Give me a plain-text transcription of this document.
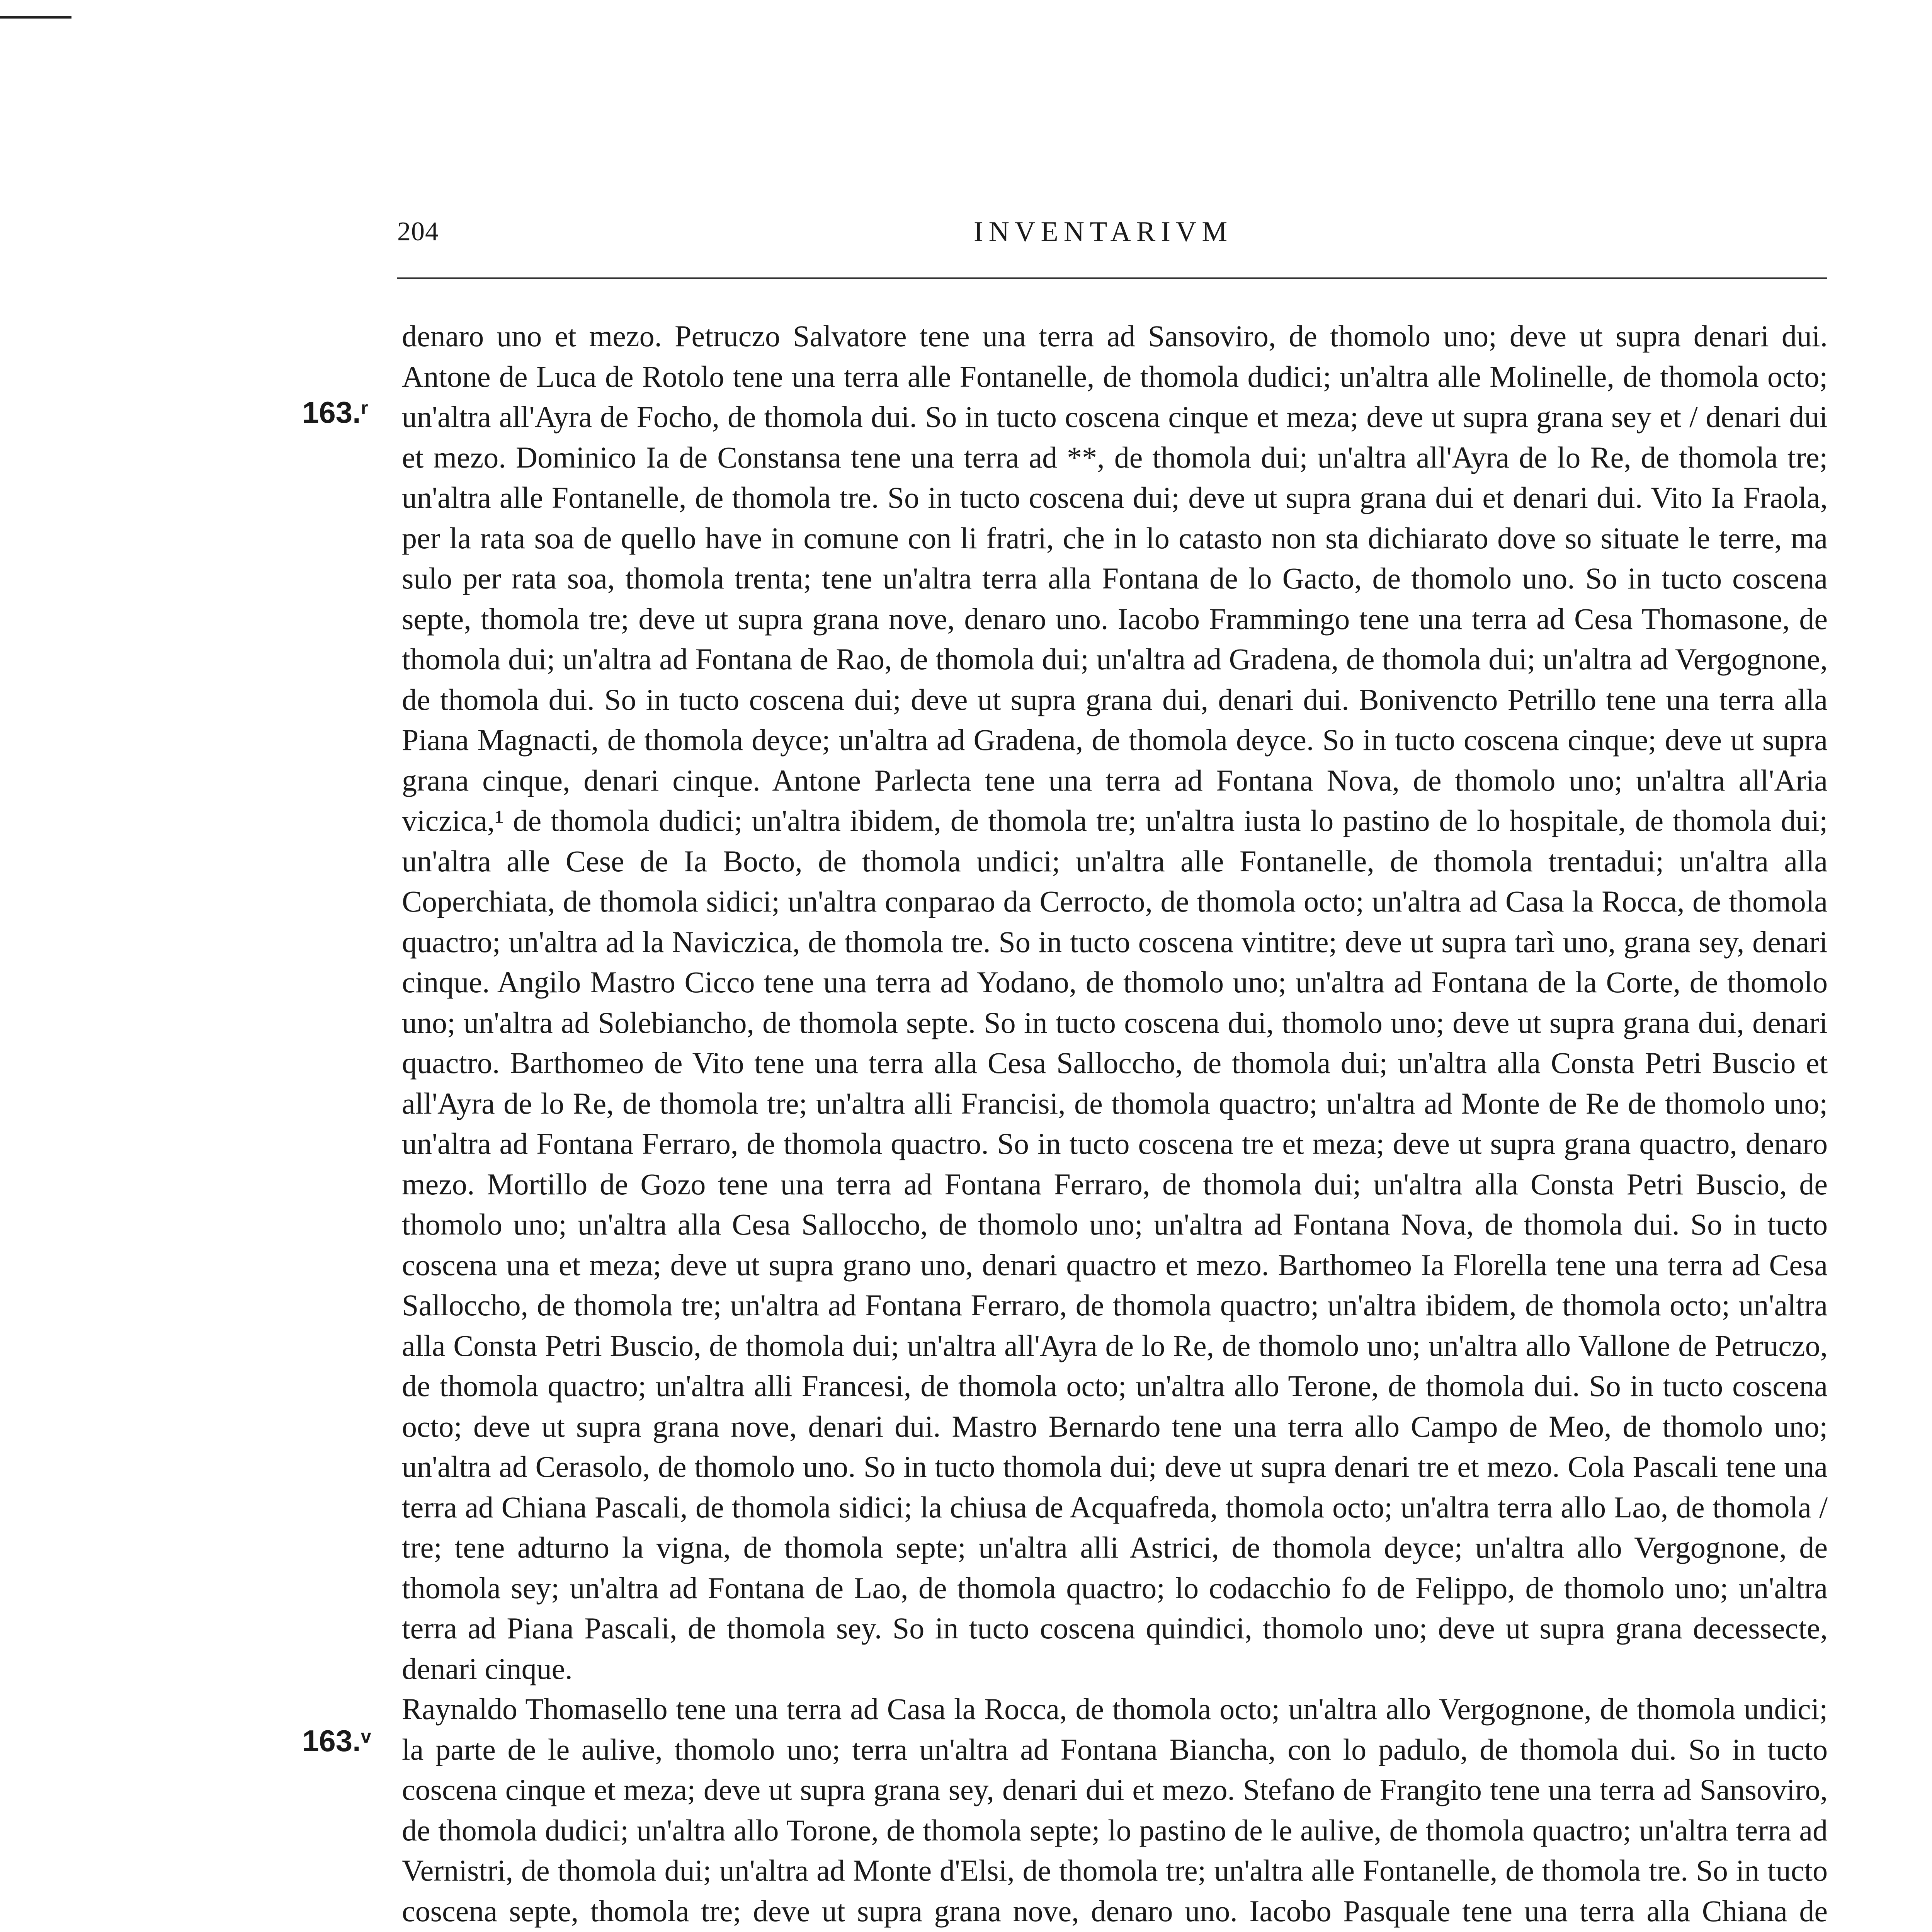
204	INVENTARIVM
163.$^r$
163.$^v$

denaro uno et mezo. Petruczo Salvatore tene una terra ad Sansoviro, de thomolo uno; deve ut supra denari dui. Antone de Luca de Rotolo tene una terra alle Fontanelle, de thomola dudici; un'altra alle Molinelle, de thomola octo; un'altra all'Ayra de Focho, de thomola dui. So in tucto coscena cinque et meza; deve ut supra grana sey et / denari dui et mezo. Dominico Ia de Constansa tene una terra ad **, de thomola dui; un'altra all'Ayra de lo Re, de thomola tre; un'altra alle Fontanelle, de thomola tre. So in tucto coscena dui; deve ut supra grana dui et denari dui. Vito Ia Fraola, per la rata soa de quello have in comune con li fratri, che in lo catasto non sta dichiarato dove so situate le terre, ma sulo per rata soa, thomola trenta; tene un'altra terra alla Fontana de lo Gacto, de thomolo uno. So in tucto coscena septe, thomola tre; deve ut supra grana nove, denaro uno. Iacobo Frammingo tene una terra ad Cesa Thomasone, de thomola dui; un'altra ad Fontana de Rao, de thomola dui; un'altra ad Gradena, de thomola dui; un'altra ad Vergognone, de thomola dui. So in tucto coscena dui; deve ut supra grana dui, denari dui. Bonivencto Petrillo tene una terra alla Piana Magnacti, de thomola deyce; un'altra ad Gradena, de thomola deyce. So in tucto coscena cinque; deve ut supra grana cinque, denari cinque. Antone Parlecta tene una terra ad Fontana Nova, de thomolo uno; un'altra all'Aria viczica,¹ de thomola dudici; un'altra ibidem, de thomola tre; un'altra iusta lo pastino de lo hospitale, de thomola dui; un'altra alle Cese de Ia Bocto, de thomola undici; un'altra alle Fontanelle, de thomola trentadui; un'altra alla Coperchiata, de thomola sidici; un'altra conparao da Cerrocto, de thomola octo; un'altra ad Casa la Rocca, de thomola quactro; un'altra ad la Naviczica, de thomola tre. So in tucto coscena vintitre; deve ut supra tarì uno, grana sey, denari cinque. Angilo Mastro Cicco tene una terra ad Yodano, de thomolo uno; un'altra ad Fontana de la Corte, de thomolo uno; un'altra ad Solebiancho, de thomola septe. So in tucto coscena dui, thomolo uno; deve ut supra grana dui, denari quactro. Barthomeo de Vito tene una terra alla Cesa Salloccho, de thomola dui; un'altra alla Consta Petri Buscio et all'Ayra de lo Re, de thomola tre; un'altra alli Francisi, de thomola quactro; un'altra ad Monte de Re de thomolo uno; un'altra ad Fontana Ferraro, de thomola quactro. So in tucto coscena tre et meza; deve ut supra grana quactro, denaro mezo. Mortillo de Gozo tene una terra ad Fontana Ferraro, de thomola dui; un'altra alla Consta Petri Buscio, de thomolo uno; un'altra alla Cesa Salloccho, de thomolo uno; un'altra ad Fontana Nova, de thomola dui. So in tucto coscena una et meza; deve ut supra grano uno, denari quactro et mezo. Barthomeo Ia Florella tene una terra ad Cesa Salloccho, de thomola tre; un'altra ad Fontana Ferraro, de thomola quactro; un'altra ibidem, de thomola octo; un'altra alla Consta Petri Buscio, de thomola dui; un'altra all'Ayra de lo Re, de thomolo uno; un'altra allo Vallone de Petruczo, de thomola quactro; un'altra alli Francesi, de thomola octo; un'altra allo Terone, de thomola dui. So in tucto coscena octo; deve ut supra grana nove, denari dui. Mastro Bernardo tene una terra allo Campo de Meo, de thomolo uno; un'altra ad Cerasolo, de thomolo uno. So in tucto thomola dui; deve ut supra denari tre et mezo. Cola Pascali tene una terra ad Chiana Pascali, de thomola sidici; la chiusa de Acquafreda, thomola octo; un'altra terra allo Lao, de thomola / tre; tene adturno la vigna, de thomola septe; un'altra alli Astrici, de thomola deyce; un'altra allo Vergognone, de thomola sey; un'altra ad Fontana de Lao, de thomola quactro; lo codacchio fo de Felippo, de thomolo uno; un'altra terra ad Piana Pascali, de thomola sey. So in tucto coscena quindici, thomolo uno; deve ut supra grana decessecte, denari cinque.

Raynaldo Thomasello tene una terra ad Casa la Rocca, de thomola octo; un'altra allo Vergognone, de thomola undici; la parte de le aulive, thomolo uno; terra un'altra ad Fontana Biancha, con lo padulo, de thomola dui. So in tucto coscena cinque et meza; deve ut supra grana sey, denari dui et mezo. Stefano de Frangito tene una terra ad Sansoviro, de thomola dudici; un'altra allo Torone, de thomola septe; lo pastino de le aulive, de thomola quactro; un'altra terra ad Vernistri, de thomola dui; un'altra ad Monte d'Elsi, de thomola tre; un'altra alle Fontanelle, de thomola tre. So in tucto coscena septe, thomola tre; deve ut supra grana nove, denaro uno. Iacobo Pasquale tene una terra alla Chiana de
